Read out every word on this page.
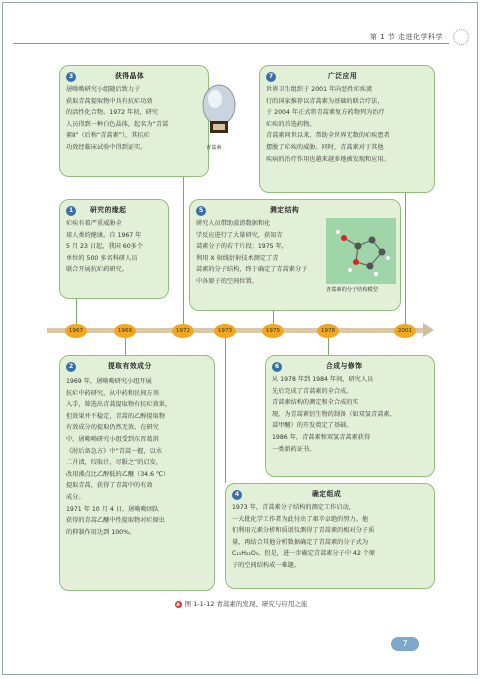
第 1 节 走进化学科学
3	获得晶体
屠呦呦研究小组随后致力于
获取青蒿提取物中具有抗疟功效
的活性化合物。1972 年初，研究
人员得到一种白色晶体，起名为“青蒿
素Ⅱ”（后称“青蒿素”），其抗疟
功效经临床试验中得到证实。	青蒿素
7	广泛应用
世界卫生组织于 2001 年向恶性疟疾流
行的国家推荐以青蒿素为基础的联合疗法，
于 2004 年正式将青蒿素复方药物列为治疗
疟疾的首选药物。
青蒿素问世以来，帮助全世界无数的疟疾患者
摆脱了疟疾的威胁。同时，青蒿素对于其他
疾病的治疗作用也越来越多地被发现和应用。
1	研究的缘起
疟疾有着严重威胁全
球人类的健康。自 1967 年
5 月 23 日起，我国 60多个
单位的 500 多名科研人员
联合开展抗疟药研究。
5	测定结构
研究人员借助波谱数据和化
学反应进行了大量研究，获知青
蒿素分子的若干片段；1975 年，
利用 X 射线衍射技术测定了青
蒿素的分子结构，终于确定了青蒿素分子
中各原子的空间位置。
青蒿素的分子结构模型
1967	1969	1972	1973	1975	1978	2001
2	提取有效成分
1969 年，屠呦呦研究小组开展
抗疟中药研究，从中药和民间方剂
入手，筛选出青蒿提取物有抗疟效果，
但效果并不稳定，青蒿的乙醇提取物
有效成分的提取仍然无效。在研究
中，屠呦呦研究小组受到东晋葛洪
《肘后备急方》中“青蒿一握，以水
二升渍，绞取汁，尽服之”的启发，
改用沸点比乙醇低的乙醚（34.6 ℃）
提取青蒿，获得了青蒿中的有效
成分。
1971 年 10 月 4 日，屠呦呦团队
获得的青蒿乙醚中性提取物对疟原虫
的抑制作用达到 100%。
6	合成与修饰
从 1978 年到 1984 年间，研究人员
先后完成了青蒿素的全合成。
青蒿素结构的测定和全合成的实
现，为青蒿素衍生物的制备（如双氢青蒿素、
蒿甲醚）的开发奠定了基础。
1986 年，青蒿素和双氢青蒿素获得
一类新药证书。
4	确定组成
1973 年，青蒿素分子结构的测定工作启动，
一大批化学工作者为此付出了艰辛卓绝的努力。他
们利用元素分析和质谱仪测得了青蒿素的相对分子质
量，再结合其他分析数据确定了青蒿素的分子式为
C₁₅H₂₂O₅。但是，进一步确定青蒿素分子中 42 个原
子的空间结构成一难题。
▲ 图 1-1-12 青蒿素的发现、研究与应用之旅
7
